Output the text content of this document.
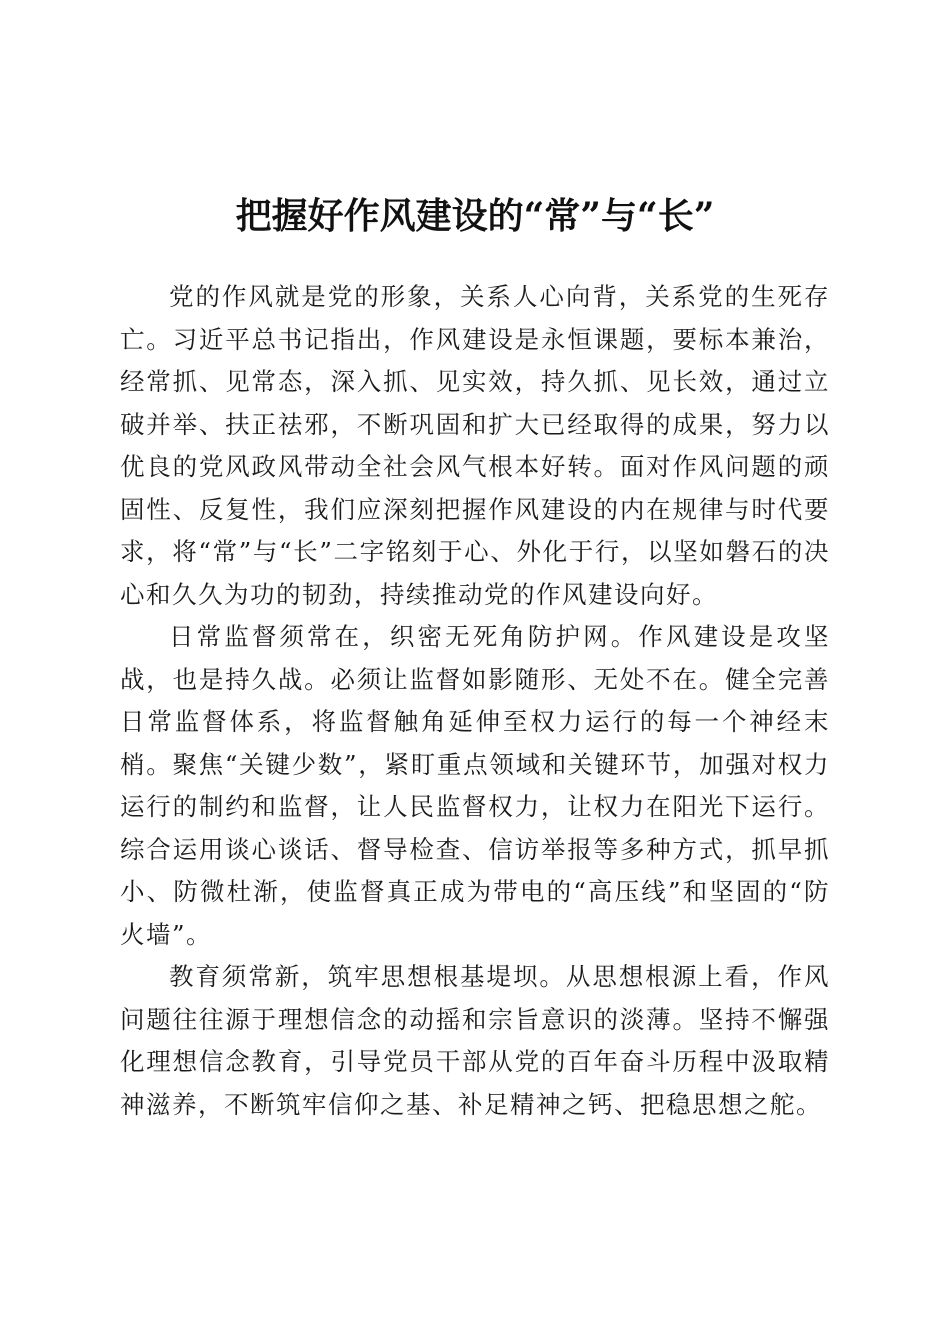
把握好作风建设的“常”与“长”

党的作风就是党的形象，关系人心向背，关系党的生死存亡。习近平总书记指出，作风建设是永恒课题，要标本兼治，经常抓、见常态，深入抓、见实效，持久抓、见长效，通过立破并举、扶正祛邪，不断巩固和扩大已经取得的成果，努力以优良的党风政风带动全社会风气根本好转。面对作风问题的顽固性、反复性，我们应深刻把握作风建设的内在规律与时代要求，将“常”与“长”二字铭刻于心、外化于行，以坚如磐石的决心和久久为功的韧劲，持续推动党的作风建设向好。

日常监督须常在，织密无死角防护网。作风建设是攻坚战，也是持久战。必须让监督如影随形、无处不在。健全完善日常监督体系，将监督触角延伸至权力运行的每一个神经末梢。聚焦“关键少数”，紧盯重点领域和关键环节，加强对权力运行的制约和监督，让人民监督权力，让权力在阳光下运行。综合运用谈心谈话、督导检查、信访举报等多种方式，抓早抓小、防微杜渐，使监督真正成为带电的“高压线”和坚固的“防火墙”。

教育须常新，筑牢思想根基堤坝。从思想根源上看，作风问题往往源于理想信念的动摇和宗旨意识的淡薄。坚持不懈强化理想信念教育，引导党员干部从党的百年奋斗历程中汲取精神滋养，不断筑牢信仰之基、补足精神之钙、把稳思想之舵。
